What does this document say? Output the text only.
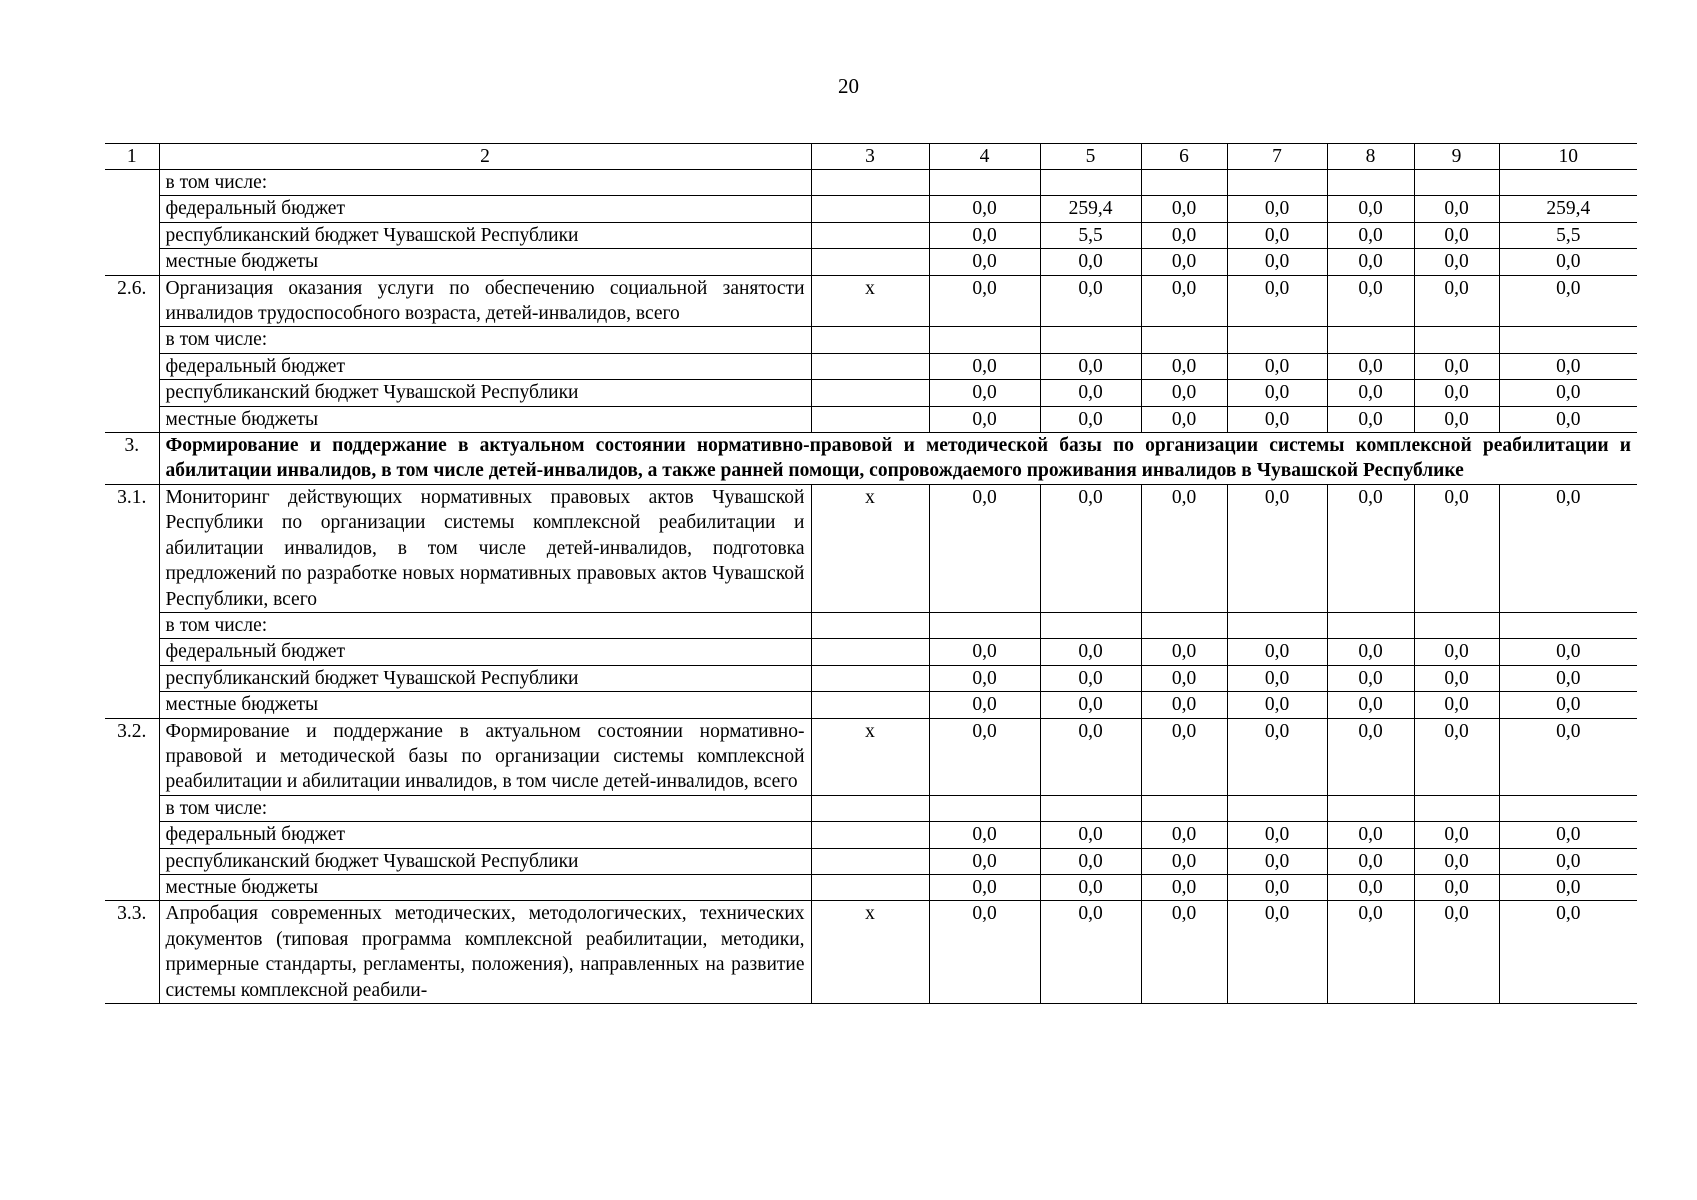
20
1	2	3	4	5	6	7	8	9	10
	в том числе:								
	федеральный бюджет		0,0	259,4	0,0	0,0	0,0	0,0	259,4
	республиканский бюджет Чувашской Республики		0,0	5,5	0,0	0,0	0,0	0,0	5,5
	местные бюджеты		0,0	0,0	0,0	0,0	0,0	0,0	0,0
2.6.	Организация оказания услуги по обеспечению социальной занятости инвалидов трудоспособного возраста, детей-инвалидов, всего	х	0,0	0,0	0,0	0,0	0,0	0,0	0,0
	в том числе:								
	федеральный бюджет		0,0	0,0	0,0	0,0	0,0	0,0	0,0
	республиканский бюджет Чувашской Республики		0,0	0,0	0,0	0,0	0,0	0,0	0,0
	местные бюджеты		0,0	0,0	0,0	0,0	0,0	0,0	0,0
3.	Формирование и поддержание в актуальном состоянии нормативно-правовой и методической базы по организации системы комплексной реабилитации и абилитации инвалидов, в том числе детей-инвалидов, а также ранней помощи, сопровождаемого проживания инвалидов в Чувашской Республике								
3.1.	Мониторинг действующих нормативных правовых актов Чувашской Республики по организации системы комплексной реабилитации и абилитации инвалидов, в том числе детей-инвалидов, подготовка предложений по разработке новых нормативных правовых актов Чувашской Республики, всего	х	0,0	0,0	0,0	0,0	0,0	0,0	0,0
	в том числе:								
	федеральный бюджет		0,0	0,0	0,0	0,0	0,0	0,0	0,0
	республиканский бюджет Чувашской Республики		0,0	0,0	0,0	0,0	0,0	0,0	0,0
	местные бюджеты		0,0	0,0	0,0	0,0	0,0	0,0	0,0
3.2.	Формирование и поддержание в актуальном состоянии нормативно-правовой и методической базы по организации системы комплексной реабилитации и абилитации инвалидов, в том числе детей-инвалидов, всего	х	0,0	0,0	0,0	0,0	0,0	0,0	0,0
	в том числе:								
	федеральный бюджет		0,0	0,0	0,0	0,0	0,0	0,0	0,0
	республиканский бюджет Чувашской Республики		0,0	0,0	0,0	0,0	0,0	0,0	0,0
	местные бюджеты		0,0	0,0	0,0	0,0	0,0	0,0	0,0
3.3.	Апробация современных методических, методологических, технических документов (типовая программа комплексной реабилитации, методики, примерные стандарты, регламенты, положения), направленных на развитие системы комплексной реабили-	х	0,0	0,0	0,0	0,0	0,0	0,0	0,0
